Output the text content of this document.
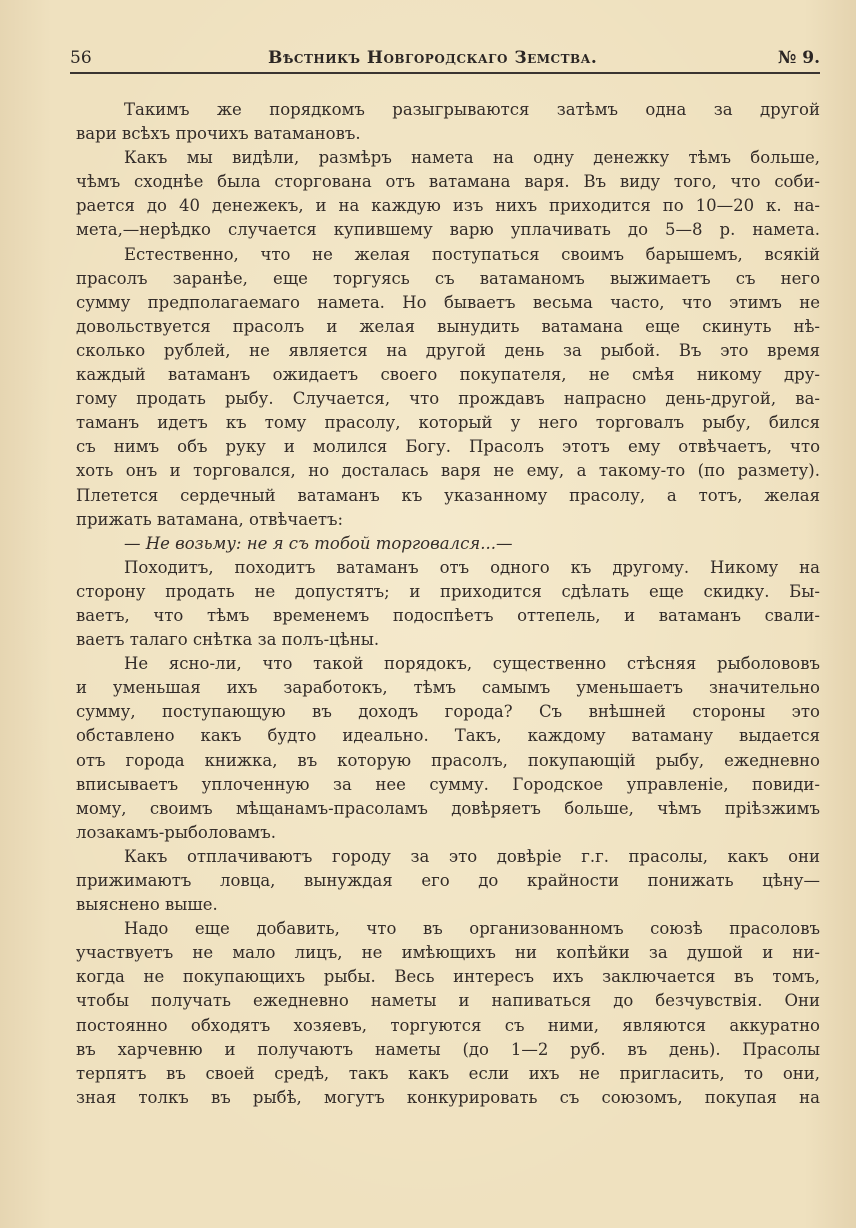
56	Вѣстникъ Новгородскаго Земства.	№ 9.

Такимъ же порядкомъ разыгрываются затѣмъ одна за другой
вари всѣхъ прочихъ ватамановъ.

Какъ мы видѣли, размѣръ намета на одну денежку тѣмъ больше,
чѣмъ сходнѣе была сторгована отъ ватамана варя. Въ виду того, что соби-
рается до 40 денежекъ, и на каждую изъ нихъ приходится по 10—20 к. на-
мета,—нерѣдко случается купившему варю уплачивать до 5—8 р. намета.

Естественно, что не желая поступаться своимъ барышемъ, всякій
прасолъ заранѣе, еще торгуясь съ ватаманомъ выжимаетъ съ него
сумму предполагаемаго намета. Но бываетъ весьма часто, что этимъ не
довольствуется прасолъ и желая вынудить ватамана еще скинуть нѣ-
сколько рублей, не является на другой день за рыбой. Въ это время
каждый ватаманъ ожидаетъ своего покупателя, не смѣя никому дру-
гому продать рыбу. Случается, что прождавъ напрасно день-другой, ва-
таманъ идетъ къ тому прасолу, который у него торговалъ рыбу, бился
съ нимъ объ руку и молился Богу. Прасолъ этотъ ему отвѣчаетъ, что
хоть онъ и торговался, но досталась варя не ему, а такому-то (по размету).
Плетется сердечный ватаманъ къ указанному прасолу, а тотъ, желая
прижать ватамана, отвѣчаетъ:

— Не возьму: не я съ тобой торговался...—

Походитъ, походитъ ватаманъ отъ одного къ другому. Никому на
сторону продать не допустятъ; и приходится сдѣлать еще скидку. Бы-
ваетъ, что тѣмъ временемъ подоспѣетъ оттепель, и ватаманъ свали-
ваетъ талаго снѣтка за полъ-цѣны.

Не ясно-ли, что такой порядокъ, существенно стѣсняя рыболововъ
и уменьшая ихъ заработокъ, тѣмъ самымъ уменьшаетъ значительно
сумму, поступающую въ доходъ города? Съ внѣшней стороны это
обставлено какъ будто идеально. Такъ, каждому ватаману выдается
отъ города книжка, въ которую прасолъ, покупающій рыбу, ежедневно
вписываетъ уплоченную за нее сумму. Городское управленіе, повиди-
мому, своимъ мѣщанамъ-прасоламъ довѣряетъ больше, чѣмъ пріѣзжимъ
лозакамъ-рыболовамъ.

Какъ отплачиваютъ городу за это довѣріе г.г. прасолы, какъ они
прижимаютъ ловца, вынуждая его до крайности понижать цѣну—
выяснено выше.

Надо еще добавить, что въ организованномъ союзѣ прасоловъ
участвуетъ не мало лицъ, не имѣющихъ ни копѣйки за душой и ни-
когда не покупающихъ рыбы. Весь интересъ ихъ заключается въ томъ,
чтобы получать ежедневно наметы и напиваться до безчувствія. Они
постоянно обходятъ хозяевъ, торгуются съ ними, являются аккуратно
въ харчевню и получаютъ наметы (до 1—2 руб. въ день). Прасолы
терпятъ въ своей средѣ, такъ какъ если ихъ не пригласить, то они,
зная толкъ въ рыбѣ, могутъ конкурировать съ союзомъ, покупая на
